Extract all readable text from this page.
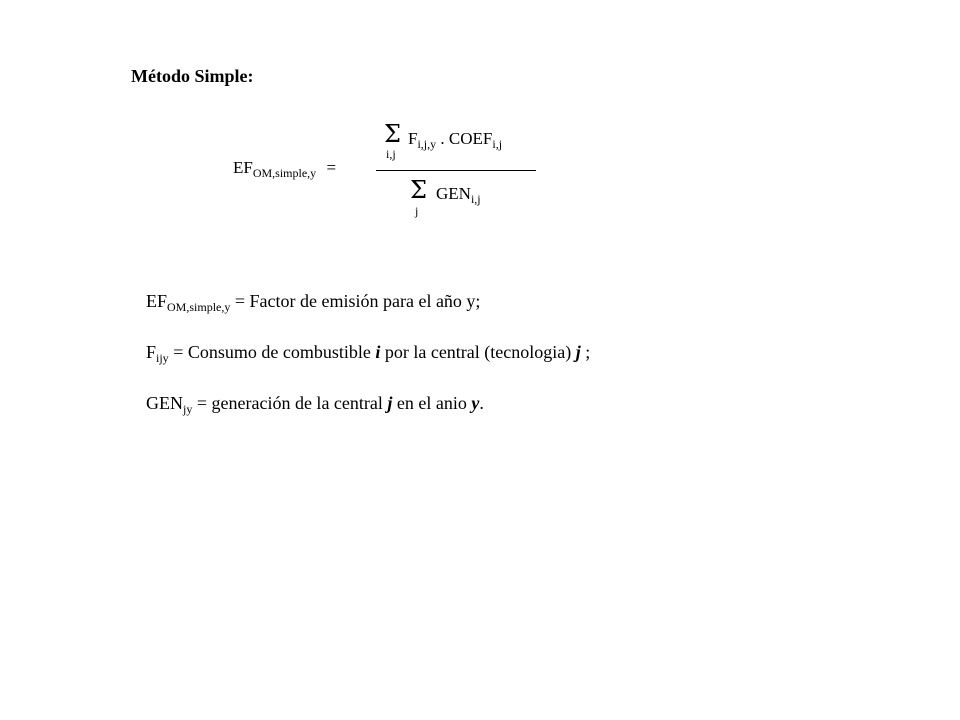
Método Simple:
$EF_{OM,simple,y}$ =
Σ
i,j
$F_{i,j,y}$ . $COEF_{i,j}$
Σ
j
$GEN_{i,j}$
$EF_{OM,simple,y}$ = Factor de emisión para el año y;
$F_{ijy}$ = Consumo de combustible i por la central (tecnologia) j ;
$GEN_{jy}$ = generación de la central j en el anio y.
